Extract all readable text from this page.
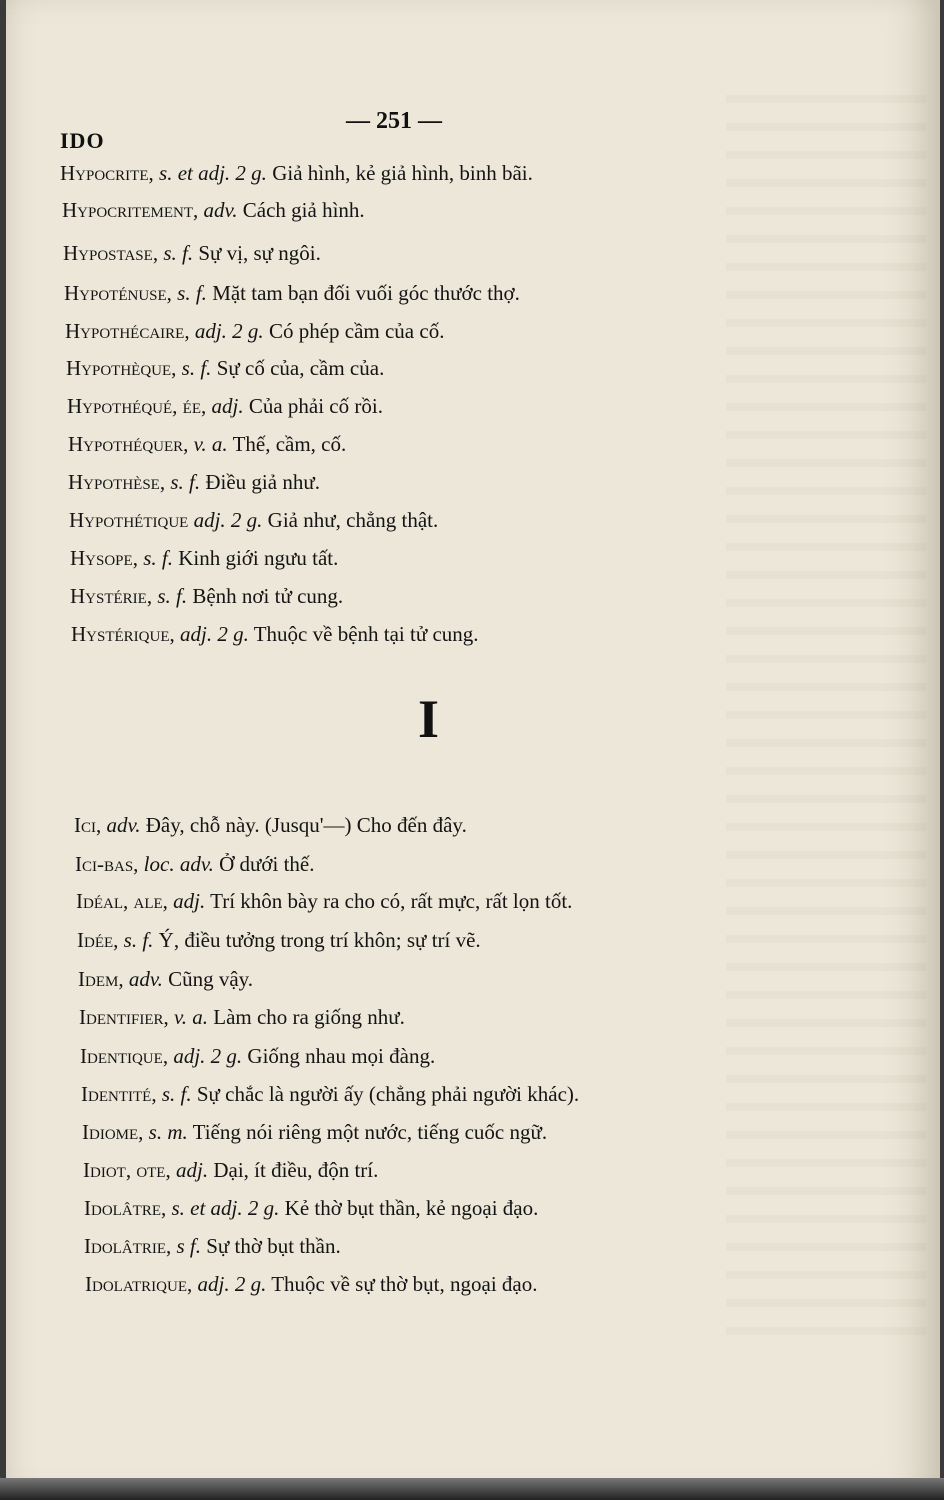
IDO
— 251 —
Hypocrite, s. et adj. 2 g. Giả hình, kẻ giả hình, binh bãi.
Hypocritement, adv. Cách giả hình.
Hypostase, s. f. Sự vị, sự ngôi.
Hypoténuse, s. f. Mặt tam bạn đối vuối góc thước thợ.
Hypothécaire, adj. 2 g. Có phép cầm của cố.
Hypothèque, s. f. Sự cố của, cầm của.
Hypothéqué, ée, adj. Của phải cố rồi.
Hypothéquer, v. a. Thế, cầm, cố.
Hypothèse, s. f. Điều giả như.
Hypothétique adj. 2 g. Giả như, chẳng thật.
Hysope, s. f. Kinh giới ngưu tất.
Hystérie, s. f. Bệnh nơi tử cung.
Hystérique, adj. 2 g. Thuộc về bệnh tại tử cung.
I
Ici, adv. Đây, chỗ này. (Jusqu'—) Cho đến đây.
Ici-bas, loc. adv. Ở dưới thế.
Idéal, ale, adj. Trí khôn bày ra cho có, rất mực, rất lọn tốt.
Idée, s. f. Ý, điều tưởng trong trí khôn; sự trí vẽ.
Idem, adv. Cũng vậy.
Identifier, v. a. Làm cho ra giống như.
Identique, adj. 2 g. Giống nhau mọi đàng.
Identité, s. f. Sự chắc là người ấy (chẳng phải người khác).
Idiome, s. m. Tiếng nói riêng một nước, tiếng cuốc ngữ.
Idiot, ote, adj. Dại, ít điều, độn trí.
Idolâtre, s. et adj. 2 g. Kẻ thờ bụt thần, kẻ ngoại đạo.
Idolâtrie, s f. Sự thờ bụt thần.
Idolatrique, adj. 2 g. Thuộc về sự thờ bụt, ngoại đạo.
